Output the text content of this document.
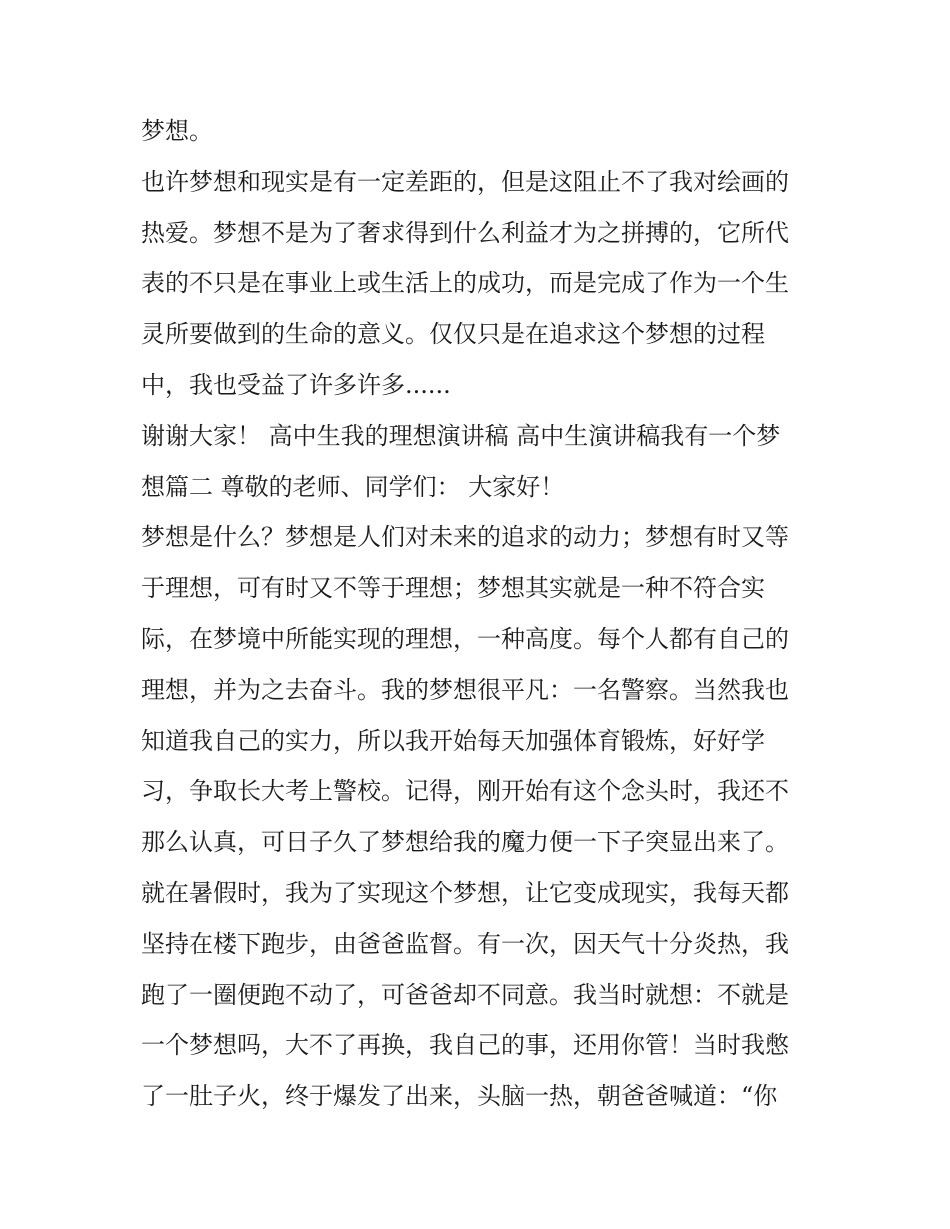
梦想。
也许梦想和现实是有一定差距的，但是这阻止不了我对绘画的
热爱。梦想不是为了奢求得到什么利益才为之拼搏的，它所代
表的不只是在事业上或生活上的成功，而是完成了作为一个生
灵所要做到的生命的意义。仅仅只是在追求这个梦想的过程
中，我也受益了许多许多......
谢谢大家！ 高中生我的理想演讲稿 高中生演讲稿我有一个梦
想篇二 尊敬的老师、同学们： 大家好！
梦想是什么？梦想是人们对未来的追求的动力；梦想有时又等
于理想，可有时又不等于理想；梦想其实就是一种不符合实
际，在梦境中所能实现的理想，一种高度。每个人都有自己的
理想，并为之去奋斗。我的梦想很平凡：一名警察。当然我也
知道我自己的实力，所以我开始每天加强体育锻炼，好好学
习，争取长大考上警校。记得，刚开始有这个念头时，我还不
那么认真，可日子久了梦想给我的魔力便一下子突显出来了。
就在暑假时，我为了实现这个梦想，让它变成现实，我每天都
坚持在楼下跑步，由爸爸监督。有一次，因天气十分炎热，我
跑了一圈便跑不动了，可爸爸却不同意。我当时就想：不就是
一个梦想吗，大不了再换，我自己的事，还用你管！当时我憋
了一肚子火，终于爆发了出来，头脑一热，朝爸爸喊道：“你
